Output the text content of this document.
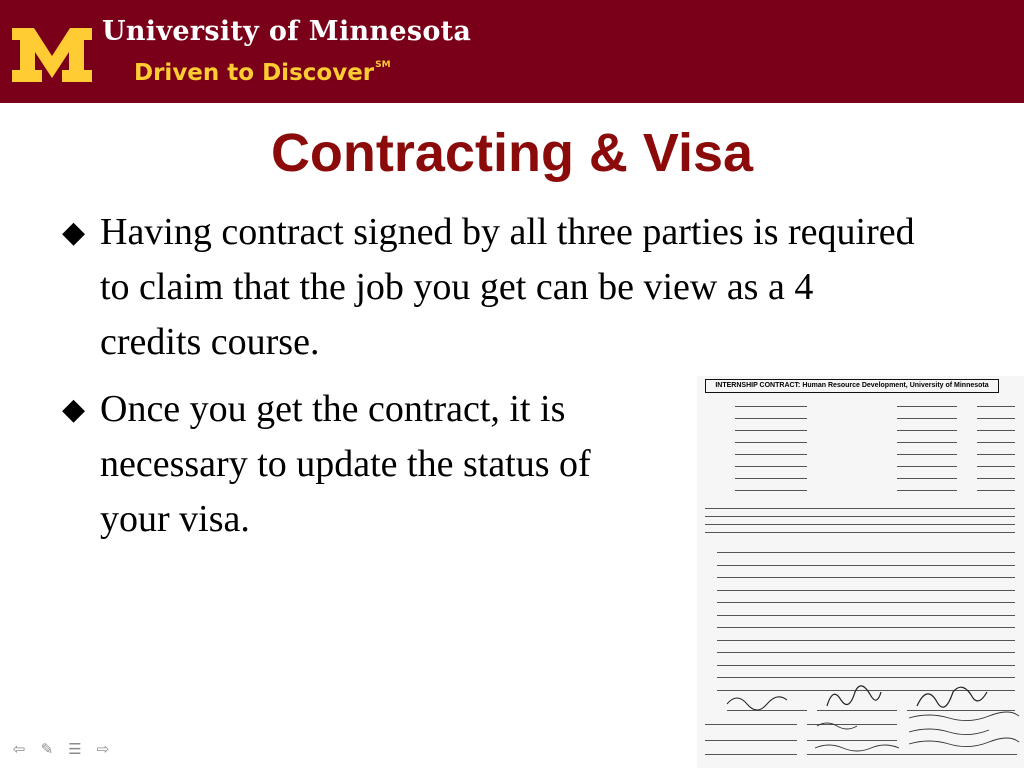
University of Minnesota
Driven to Discover℠
Contracting & Visa
◆ Having contract signed by all three parties is required to claim that the job you get can be view as a 4 credits course.
◆ Once you get the contract, it is necessary to update the status of your visa.
INTERNSHIP CONTRACT: Human Resource Development, University of Minnesota
⇦ ✎ ☰ ⇨
